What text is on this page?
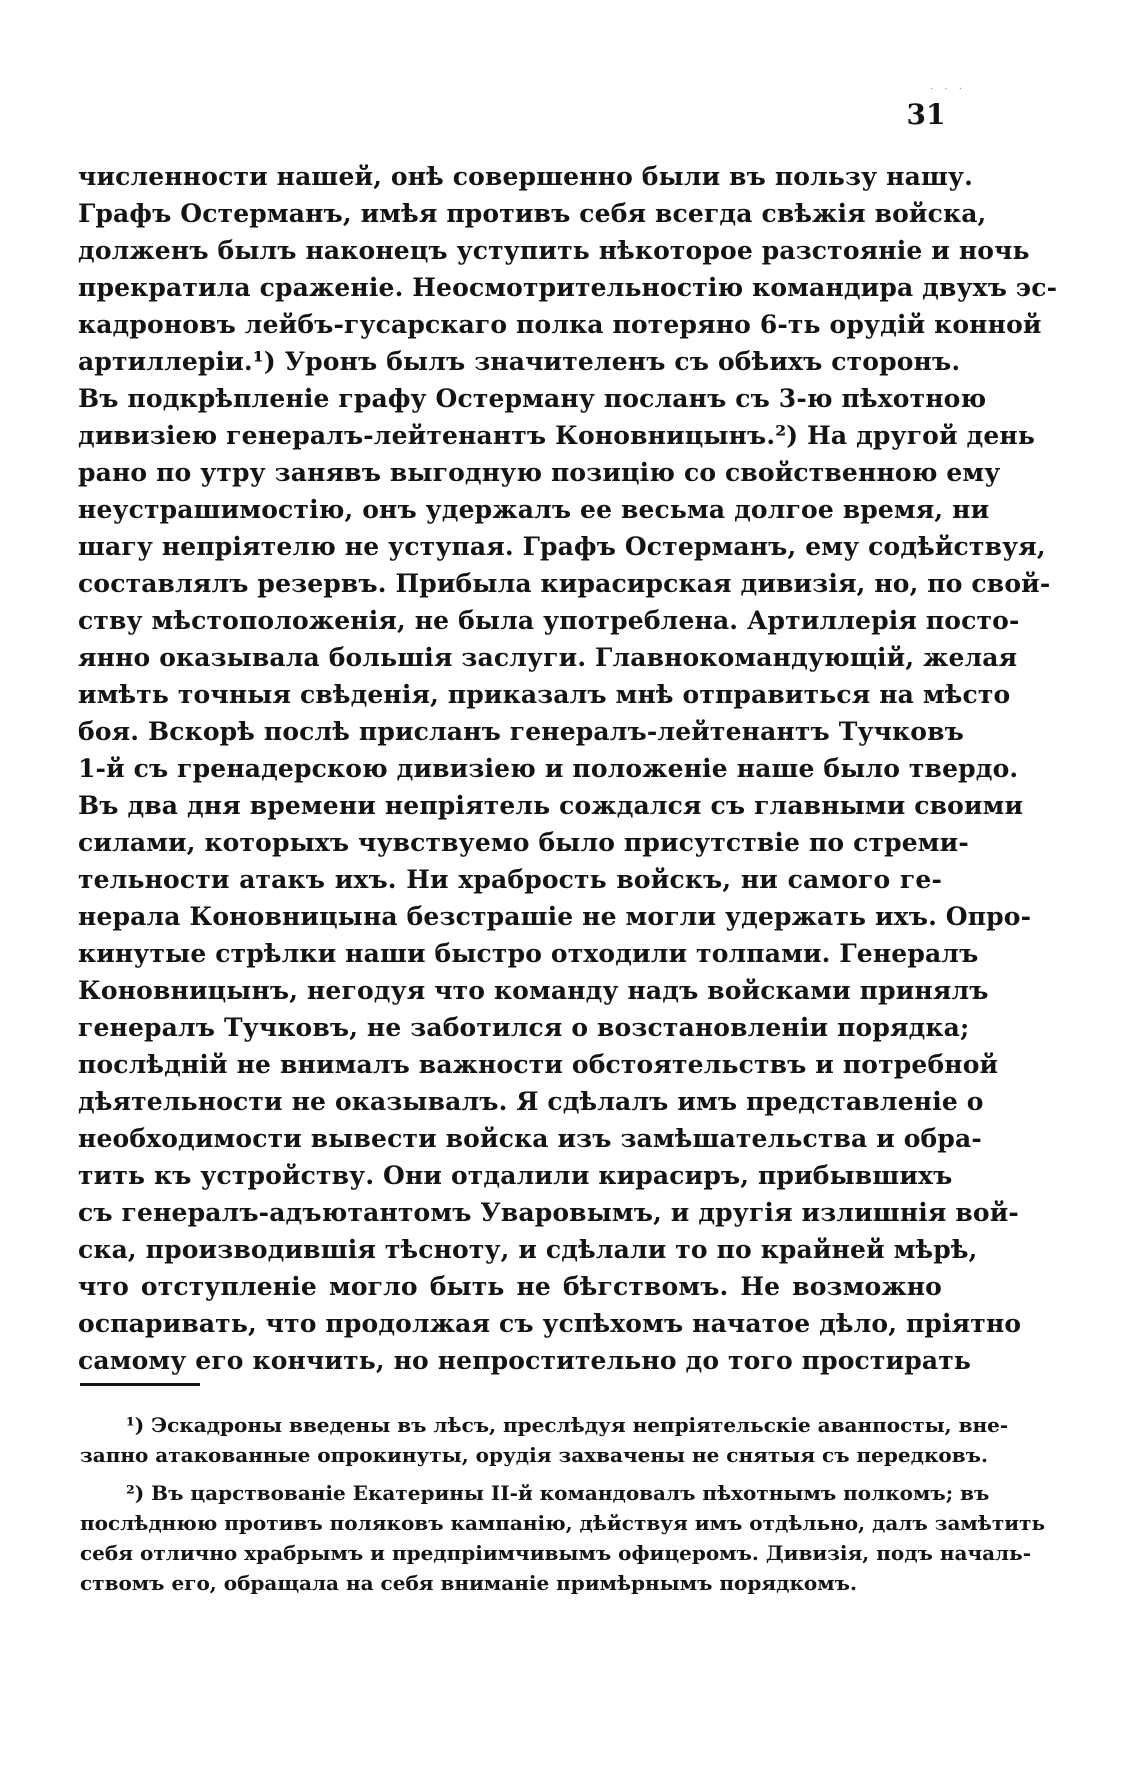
31
· · ·
численности нашей, онѣ совершенно были въ пользу нашу.
Графъ Остерманъ, имѣя противъ себя всегда свѣжія войска,
долженъ былъ наконецъ уступить нѣкоторое разстояніе и ночь
прекратила сраженіе. Неосмотрительностію командира двухъ эс-
кадроновъ лейбъ-гусарскаго полка потеряно 6-ть орудій конной
артиллеріи.¹) Уронъ былъ значителенъ съ обѣихъ сторонъ.
Въ подкрѣпленіе графу Остерману посланъ съ 3-ю пѣхотною
дивизіею генералъ-лейтенантъ Коновницынъ.²) На другой день
рано по утру занявъ выгодную позицію со свойственною ему
неустрашимостію, онъ удержалъ ее весьма долгое время, ни
шагу непріятелю не уступая. Графъ Остерманъ, ему содѣйствуя,
составлялъ резервъ. Прибыла кирасирская дивизія, но, по свой-
ству мѣстоположенія, не была употреблена. Артиллерія посто-
янно оказывала большія заслуги. Главнокомандующій, желая
имѣть точныя свѣденія, приказалъ мнѣ отправиться на мѣсто
боя. Вскорѣ послѣ присланъ генералъ-лейтенантъ Тучковъ
1-й съ гренадерскою дивизіею и положеніе наше было твердо.
Въ два дня времени непріятель сождался съ главными своими
силами, которыхъ чувствуемо было присутствіе по стреми-
тельности атакъ ихъ. Ни храбрость войскъ, ни самого ге-
нерала Коновницына безстрашіе не могли удержать ихъ. Опро-
кинутые стрѣлки наши быстро отходили толпами. Генералъ
Коновницынъ, негодуя что команду надъ войсками принялъ
генералъ Тучковъ, не заботился о возстановленіи порядка;
послѣдній не внималъ важности обстоятельствъ и потребной
дѣятельности не оказывалъ. Я сдѣлалъ имъ представленіе о
необходимости вывести войска изъ замѣшательства и обра-
тить къ устройству. Они отдалили кирасиръ, прибывшихъ
съ генералъ-адъютантомъ Уваровымъ, и другія излишнія вой-
ска, производившія тѣсноту, и сдѣлали то по крайней мѣрѣ,
что отступленіе могло быть не бѣгствомъ. Не возможно
оспаривать, что продолжая съ успѣхомъ начатое дѣло, пріятно
самому его кончить, но непростительно до того простирать
¹) Эскадроны введены въ лѣсъ, преслѣдуя непріятельскіе аванпосты, вне-
запно атакованные опрокинуты, орудія захвачены не снятыя съ передковъ.
²) Въ царствованіе Екатерины II-й командовалъ пѣхотнымъ полкомъ; въ
послѣднюю противъ поляковъ кампанію, дѣйствуя имъ отдѣльно, далъ замѣтить
себя отлично храбрымъ и предпріимчивымъ офицеромъ. Дивизія, подъ началь-
ствомъ его, обращала на себя вниманіе примѣрнымъ порядкомъ.
